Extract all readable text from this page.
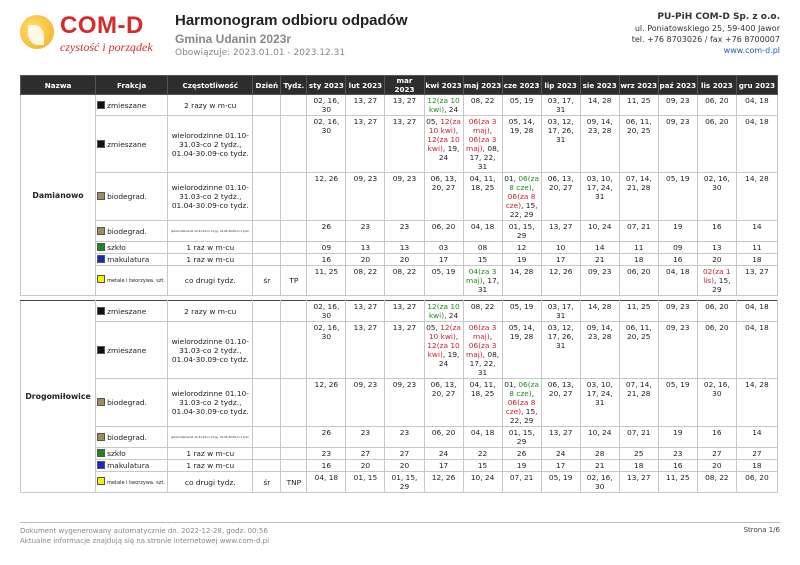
COM-D
czystość i porządek
Harmonogram odbioru odpadów
Gmina Udanin 2023r
Obowiązuje: 2023.01.01 - 2023.12.31
PU-PiH COM-D Sp. z o.o.
ul. Poniatowskiego 25, 59-400 Jawor
tel. +76 8703026 / fax +76 8700007
www.com-d.pl
Nazwa	Frakcja	Częstotliwość	Dzień	Tydz.	sty 2023	lut 2023	mar 2023	kwi 2023	maj 2023	cze 2023	lip 2023	sie 2023	wrz 2023	paź 2023	lis 2023	gru 2023
Damianowo	zmieszane	2 razy w m-cu			02, 16, 30	13, 27	13, 27	12(za 10 kwi), 24	08, 22	05, 19	03, 17, 31	14, 28	11, 25	09, 23	06, 20	04, 18
	zmieszane	wielorodzinne 01.10-31.03-co 2 tydz., 01.04-30.09-co tydz.			02, 16, 30	13, 27	13, 27	05, 12(za 10 kwi), 12(za 10 kwi), 19, 24	06(za 3 maj), 06(za 3 maj), 08, 17, 22, 31	05, 14, 19, 28	03, 12, 17, 26, 31	09, 14, 23, 28	06, 11, 20, 25	09, 23	06, 20	04, 18
	biodegrad.	wielorodzinne 01.10-31.03-co 2 tydz., 01.04-30.09-co tydz.			12, 26	09, 23	09, 23	06, 13, 20, 27	04, 11, 18, 25	01, 06(za 8 cze), 06(za 8 cze), 15, 22, 29	06, 13, 20, 27	03, 10, 17, 24, 31	07, 14, 21, 28	05, 19	02, 16, 30	14, 28
	biodegrad.	jednorodzinne 01.10-31.03-co 4 tyg., 01.04-30.09-co 2 tydz.			26	23	23	06, 20	04, 18	01, 15, 29	13, 27	10, 24	07, 21	19	16	14
	szkło	1 raz w m-cu			09	13	13	03	08	12	10	14	11	09	13	11
	makulatura	1 raz w m-cu			16	20	20	17	15	19	17	21	18	16	20	18
	metale i tworzywa. szt.	co drugi tydz.	śr	TP	11, 25	08, 22	08, 22	05, 19	04(za 3 maj), 17, 31	14, 28	12, 26	09, 23	06, 20	04, 18	02(za 1 lis), 15, 29	13, 27

Drogomiłowice	zmieszane	2 razy w m-cu			02, 16, 30	13, 27	13, 27	12(za 10 kwi), 24	08, 22	05, 19	03, 17, 31	14, 28	11, 25	09, 23	06, 20	04, 18
	zmieszane	wielorodzinne 01.10-31.03-co 2 tydz., 01.04-30.09-co tydz.			02, 16, 30	13, 27	13, 27	05, 12(za 10 kwi), 12(za 10 kwi), 19, 24	06(za 3 maj), 06(za 3 maj), 08, 17, 22, 31	05, 14, 19, 28	03, 12, 17, 26, 31	09, 14, 23, 28	06, 11, 20, 25	09, 23	06, 20	04, 18
	biodegrad.	wielorodzinne 01.10-31.03-co 2 tydz., 01.04-30.09-co tydz.			12, 26	09, 23	09, 23	06, 13, 20, 27	04, 11, 18, 25	01, 06(za 8 cze), 06(za 8 cze), 15, 22, 29	06, 13, 20, 27	03, 10, 17, 24, 31	07, 14, 21, 28	05, 19	02, 16, 30	14, 28
	biodegrad.	jednorodzinne 01.10-31.03-co 4 tyg., 01.04-30.09-co 2 tydz.			26	23	23	06, 20	04, 18	01, 15, 29	13, 27	10, 24	07, 21	19	16	14
	szkło	1 raz w m-cu			23	27	27	24	22	26	24	28	25	23	27	27
	makulatura	1 raz w m-cu			16	20	20	17	15	19	17	21	18	16	20	18
	metale i tworzywa. szt.	co drugi tydz.	śr	TNP	04, 18	01, 15	01, 15, 29	12, 26	10, 24	07, 21	05, 19	02, 16, 30	13, 27	11, 25	08, 22	06, 20
Dokument wygenerowany automatycznie dn. 2022-12-28, godz. 00:56
Aktualne informacje znajdują się na stronie internetowej www.com-d.pl
Strona 1/6
